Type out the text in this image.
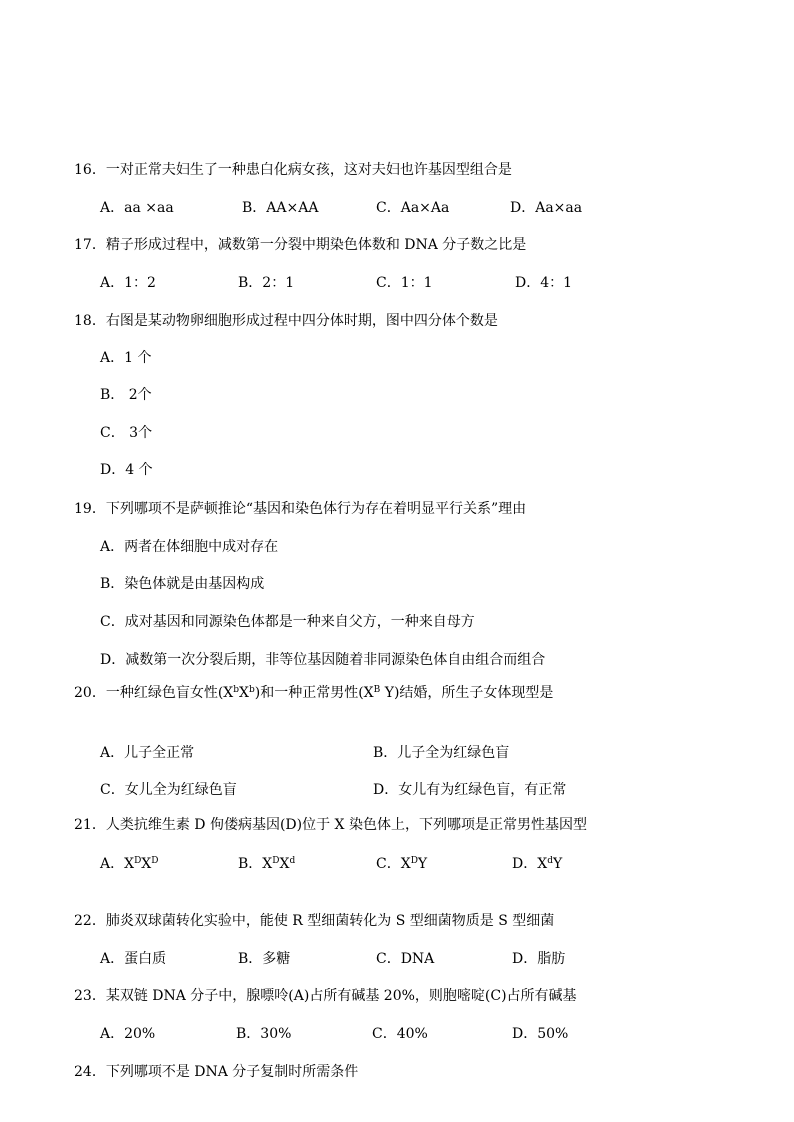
16．一对正常夫妇生了一种患白化病女孩，这对夫妇也许基因型组合是
A．aa ×aa	B．AA×AA	C．Aa×Aa	D．Aa×aa
17．精子形成过程中，减数第一分裂中期染色体数和 DNA 分子数之比是
A．1：2	B．2：1	C．1：1	D．4：1
18．右图是某动物卵细胞形成过程中四分体时期，图中四分体个数是
A．1 个
B． 2个
C． 3个
D．4 个
19．下列哪项不是萨顿推论“基因和染色体行为存在着明显平行关系”理由
A．两者在体细胞中成对存在
B．染色体就是由基因构成
C．成对基因和同源染色体都是一种来自父方，一种来自母方
D．减数第一次分裂后期，非等位基因随着非同源染色体自由组合而组合
20．一种红绿色盲女性$(X^bX^b)$和一种正常男性($X^B$ Y)结婚，所生子女体现型是
A．儿子全正常	B．儿子全为红绿色盲
C．女儿全为红绿色盲	D．女儿有为红绿色盲，有正常
21．人类抗维生素 D 佝偻病基因(D)位于 X 染色体上，下列哪项是正常男性基因型
A．$X^DX^D$	B．$X^DX^d$	C．$X^DY$	D．$X^dY$
22．肺炎双球菌转化实验中，能使 R 型细菌转化为 S 型细菌物质是 S 型细菌
A．蛋白质	B．多糖	C．DNA	D．脂肪
23．某双链 DNA 分子中，腺嘌呤(A)占所有碱基 20%，则胞嘧啶(C)占所有碱基
A．20%	B．30%	C．40%	D．50%
24．下列哪项不是 DNA 分子复制时所需条件
